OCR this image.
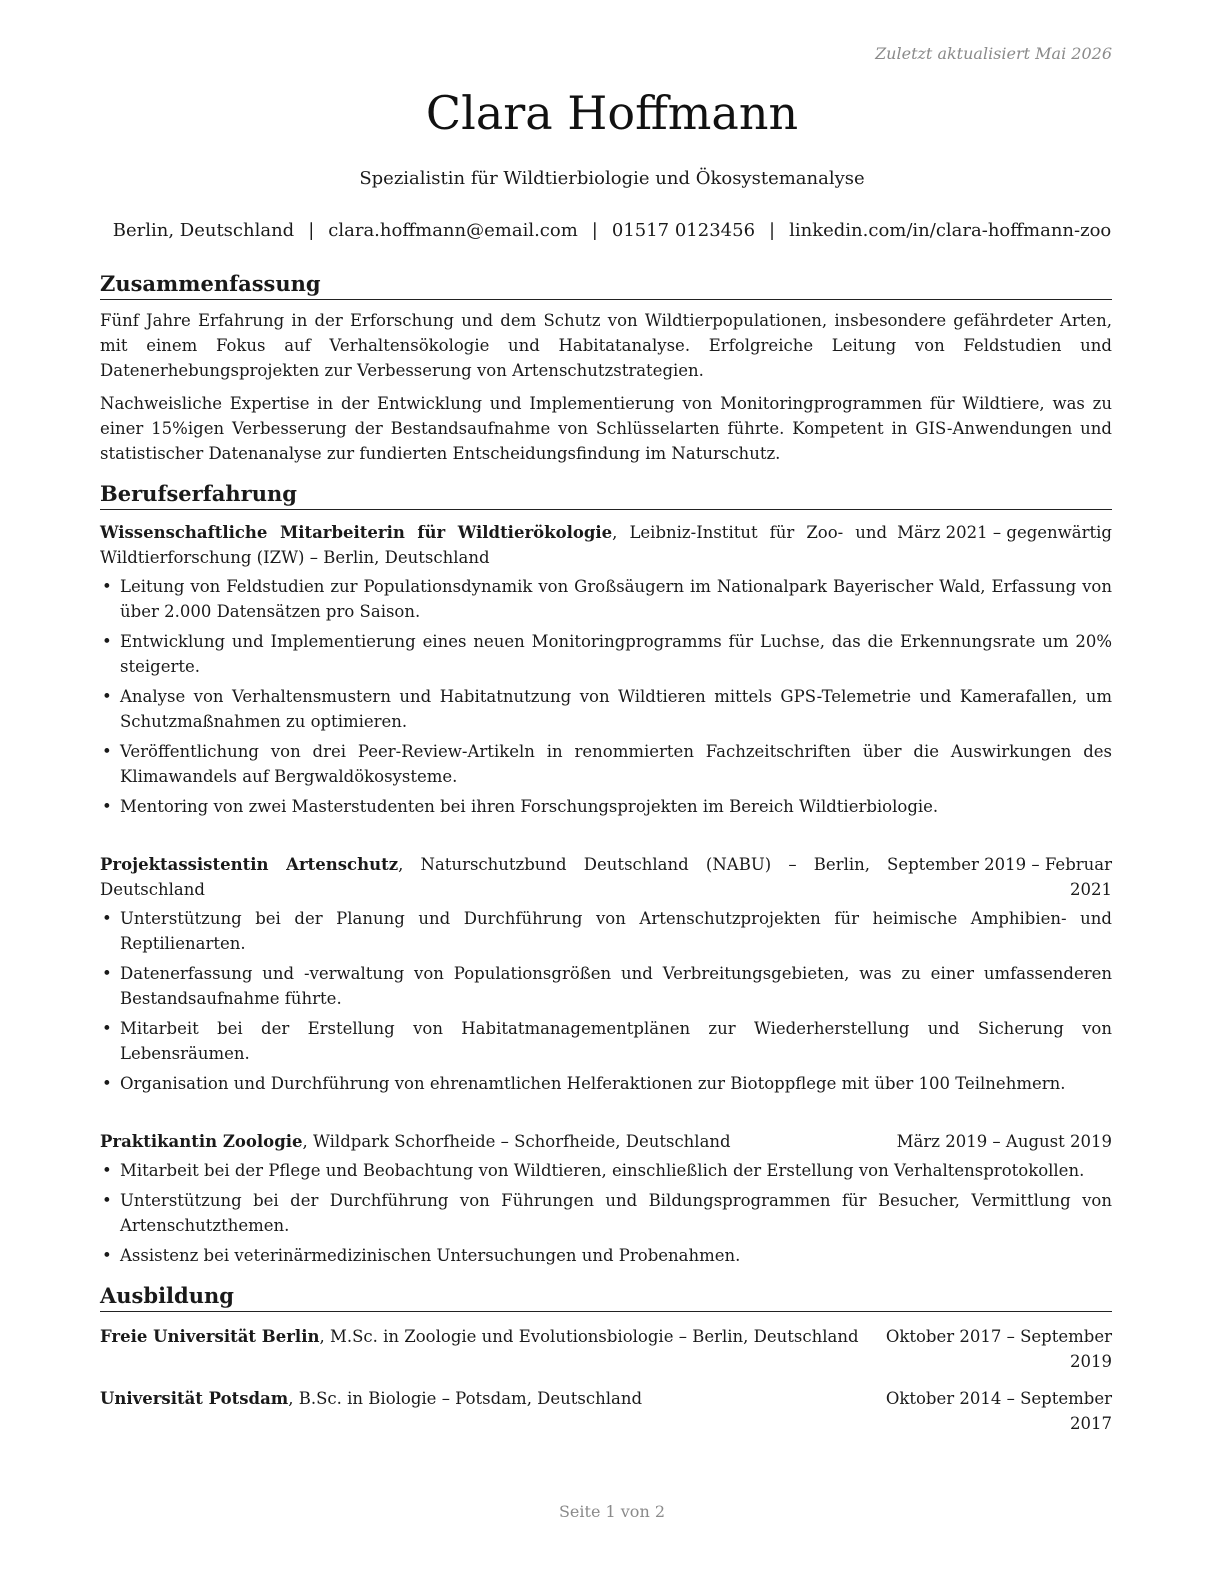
Zuletzt aktualisiert Mai 2026
Clara Hoffmann
Spezialistin für Wildtierbiologie und Ökosystemanalyse
Berlin, Deutschland | clara.hoffmann@email.com | 01517 0123456 | linkedin.com/in/clara-hoffmann-zoo
Zusammenfassung

Fünf Jahre Erfahrung in der Erforschung und dem Schutz von Wildtierpopulationen, insbesondere gefährdeter Arten, mit einem Fokus auf Verhaltensökologie und Habitatanalyse. Erfolgreiche Leitung von Feldstudien und Datenerhebungsprojekten zur Verbesserung von Artenschutzstrategien.

Nachweisliche Expertise in der Entwicklung und Implementierung von Monitoringprogrammen für Wildtiere, was zu einer 15%igen Verbesserung der Bestandsaufnahme von Schlüsselarten führte. Kompetent in GIS-Anwendungen und statistischer Datenanalyse zur fundierten Entscheidungsfindung im Naturschutz.

Berufserfahrung
Wissenschaftliche Mitarbeiterin für Wildtierökologie, Leibniz-Institut für Zoo- und Wildtierforschung (IZW) – Berlin, Deutschland
März 2021 – gegenwärtig
• Leitung von Feldstudien zur Populationsdynamik von Großsäugern im Nationalpark Bayerischer Wald, Erfassung von über 2.000 Datensätzen pro Saison.
• Entwicklung und Implementierung eines neuen Monitoringprogramms für Luchse, das die Erkennungsrate um 20% steigerte.
• Analyse von Verhaltensmustern und Habitatnutzung von Wildtieren mittels GPS-Telemetrie und Kamerafallen, um Schutzmaßnahmen zu optimieren.
• Veröffentlichung von drei Peer-Review-Artikeln in renommierten Fachzeitschriften über die Auswirkungen des Klimawandels auf Bergwaldökosysteme.
• Mentoring von zwei Masterstudenten bei ihren Forschungsprojekten im Bereich Wildtierbiologie.
Projektassistentin Artenschutz, Naturschutzbund Deutschland (NABU) – Berlin, Deutschland
September 2019 – Februar 2021
• Unterstützung bei der Planung und Durchführung von Artenschutzprojekten für heimische Amphibien- und Reptilienarten.
• Datenerfassung und -verwaltung von Populationsgrößen und Verbreitungsgebieten, was zu einer umfassenderen Bestandsaufnahme führte.
• Mitarbeit bei der Erstellung von Habitatmanagementplänen zur Wiederherstellung und Sicherung von Lebensräumen.
• Organisation und Durchführung von ehrenamtlichen Helferaktionen zur Biotoppflege mit über 100 Teilnehmern.
Praktikantin Zoologie, Wildpark Schorfheide – Schorfheide, Deutschland	März 2019 – August 2019
• Mitarbeit bei der Pflege und Beobachtung von Wildtieren, einschließlich der Erstellung von Verhaltensprotokollen.
• Unterstützung bei der Durchführung von Führungen und Bildungsprogrammen für Besucher, Vermittlung von Artenschutzthemen.
• Assistenz bei veterinärmedizinischen Untersuchungen und Probenahmen.
Ausbildung
Freie Universität Berlin, M.Sc. in Zoologie und Evolutionsbiologie – Berlin, Deutschland	Oktober 2017 – September 2019
Universität Potsdam, B.Sc. in Biologie – Potsdam, Deutschland	Oktober 2014 – September 2017
Seite 1 von 2
